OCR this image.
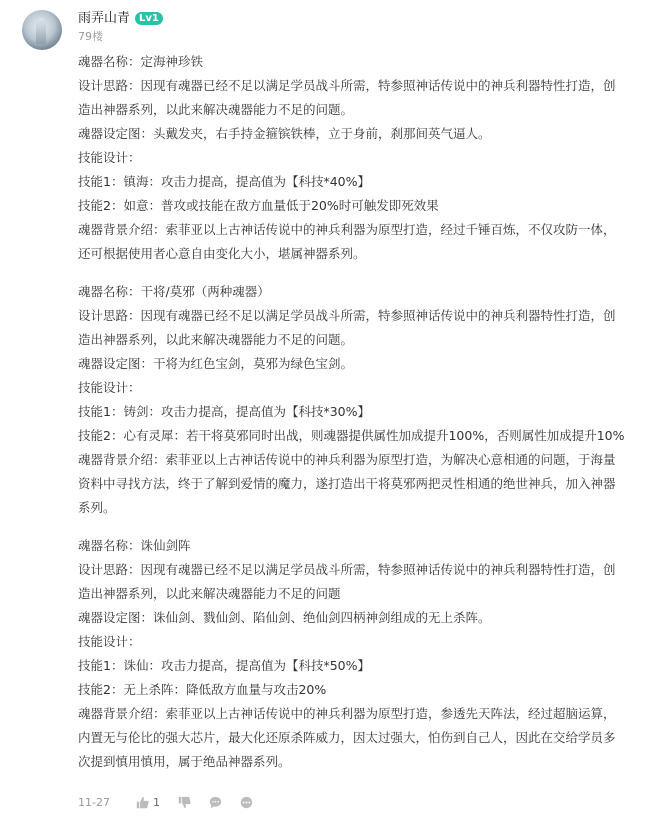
雨弄山青 Lv1
79楼
魂器名称：定海神珍铁
设计思路：因现有魂器已经不足以满足学员战斗所需，特参照神话传说中的神兵利器特性打造，创
造出神器系列，以此来解决魂器能力不足的问题。
魂器设定图：头戴发夹，右手持金箍镔铁棒，立于身前，刹那间英气逼人。
技能设计：
技能1：镇海：攻击力提高，提高值为【科技*40%】
技能2：如意：普攻或技能在敌方血量低于20%时可触发即死效果
魂器背景介绍：索菲亚以上古神话传说中的神兵利器为原型打造，经过千锤百炼，不仅攻防一体，
还可根据使用者心意自由变化大小，堪属神器系列。
魂器名称：干将/莫邪（两种魂器）
设计思路：因现有魂器已经不足以满足学员战斗所需，特参照神话传说中的神兵利器特性打造，创
造出神器系列，以此来解决魂器能力不足的问题。
魂器设定图：干将为红色宝剑，莫邪为绿色宝剑。
技能设计：
技能1：铸剑：攻击力提高，提高值为【科技*30%】
技能2：心有灵犀：若干将莫邪同时出战，则魂器提供属性加成提升100%，否则属性加成提升10%
魂器背景介绍：索菲亚以上古神话传说中的神兵利器为原型打造，为解决心意相通的问题，于海量
资料中寻找方法，终于了解到爱情的魔力，遂打造出干将莫邪两把灵性相通的绝世神兵，加入神器
系列。
魂器名称：诛仙剑阵
设计思路：因现有魂器已经不足以满足学员战斗所需，特参照神话传说中的神兵利器特性打造，创
造出神器系列，以此来解决魂器能力不足的问题
魂器设定图：诛仙剑、戮仙剑、陷仙剑、绝仙剑四柄神剑组成的无上杀阵。
技能设计：
技能1：诛仙：攻击力提高，提高值为【科技*50%】
技能2：无上杀阵：降低敌方血量与攻击20%
魂器背景介绍：索菲亚以上古神话传说中的神兵利器为原型打造，参透先天阵法，经过超脑运算，
内置无与伦比的强大芯片，最大化还原杀阵威力，因太过强大，怕伤到自己人，因此在交给学员多
次提到慎用慎用，属于绝品神器系列。
11-27	1
